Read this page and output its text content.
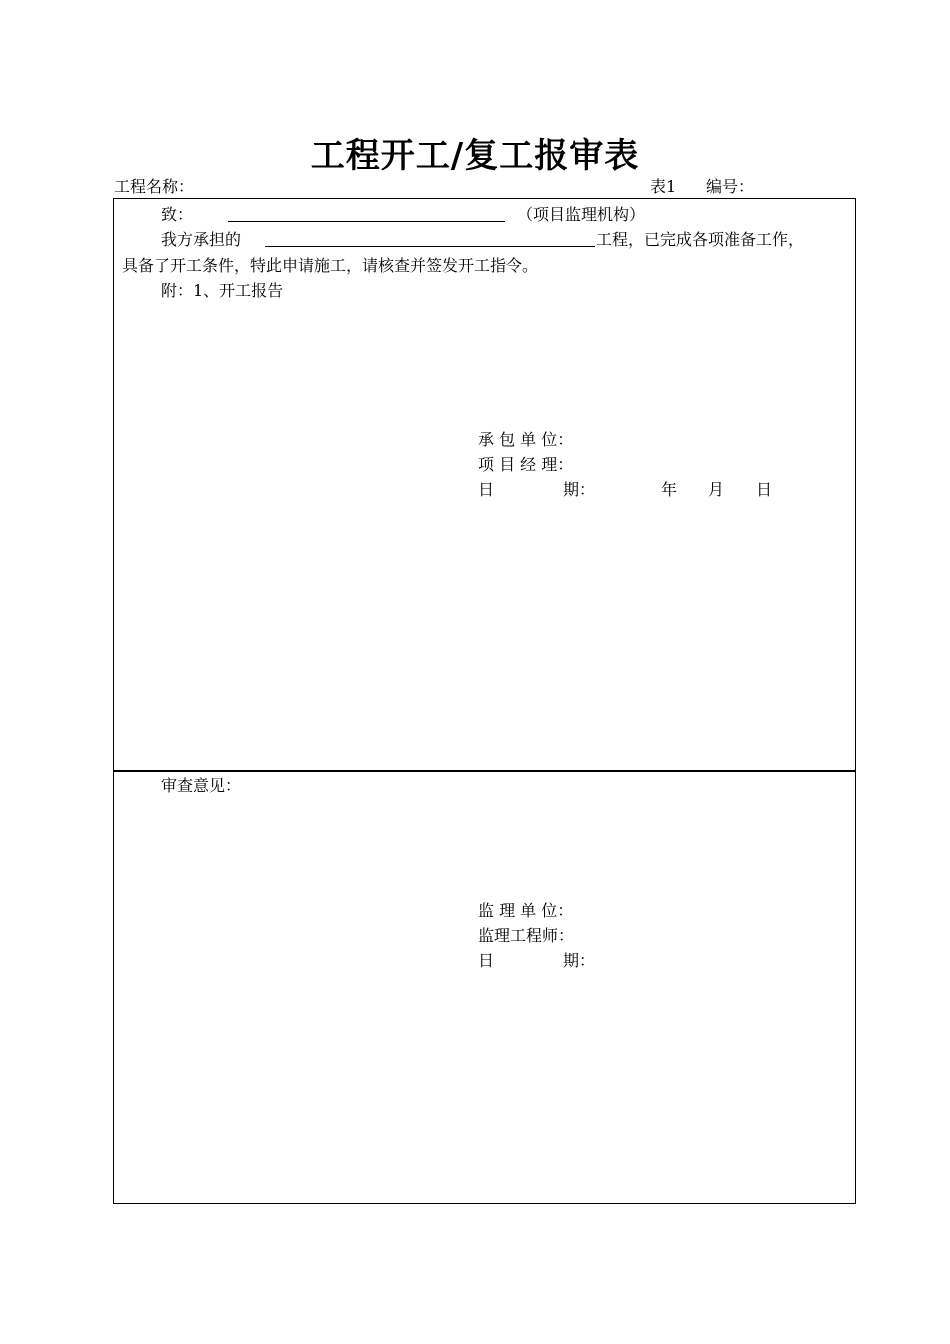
工程开工/复工报审表
工程名称：	表1 编号：
致：	（项目监理机构）
我方承担的	工程，已完成各项准备工作，
具备了开工条件，特此申请施工，请核查并签发开工指令。
附：1、开工报告
承 包 单 位：
项 目 经 理：
日	期：	年 月 日
审查意见：
监 理 单 位：
监理工程师：
日	期：
